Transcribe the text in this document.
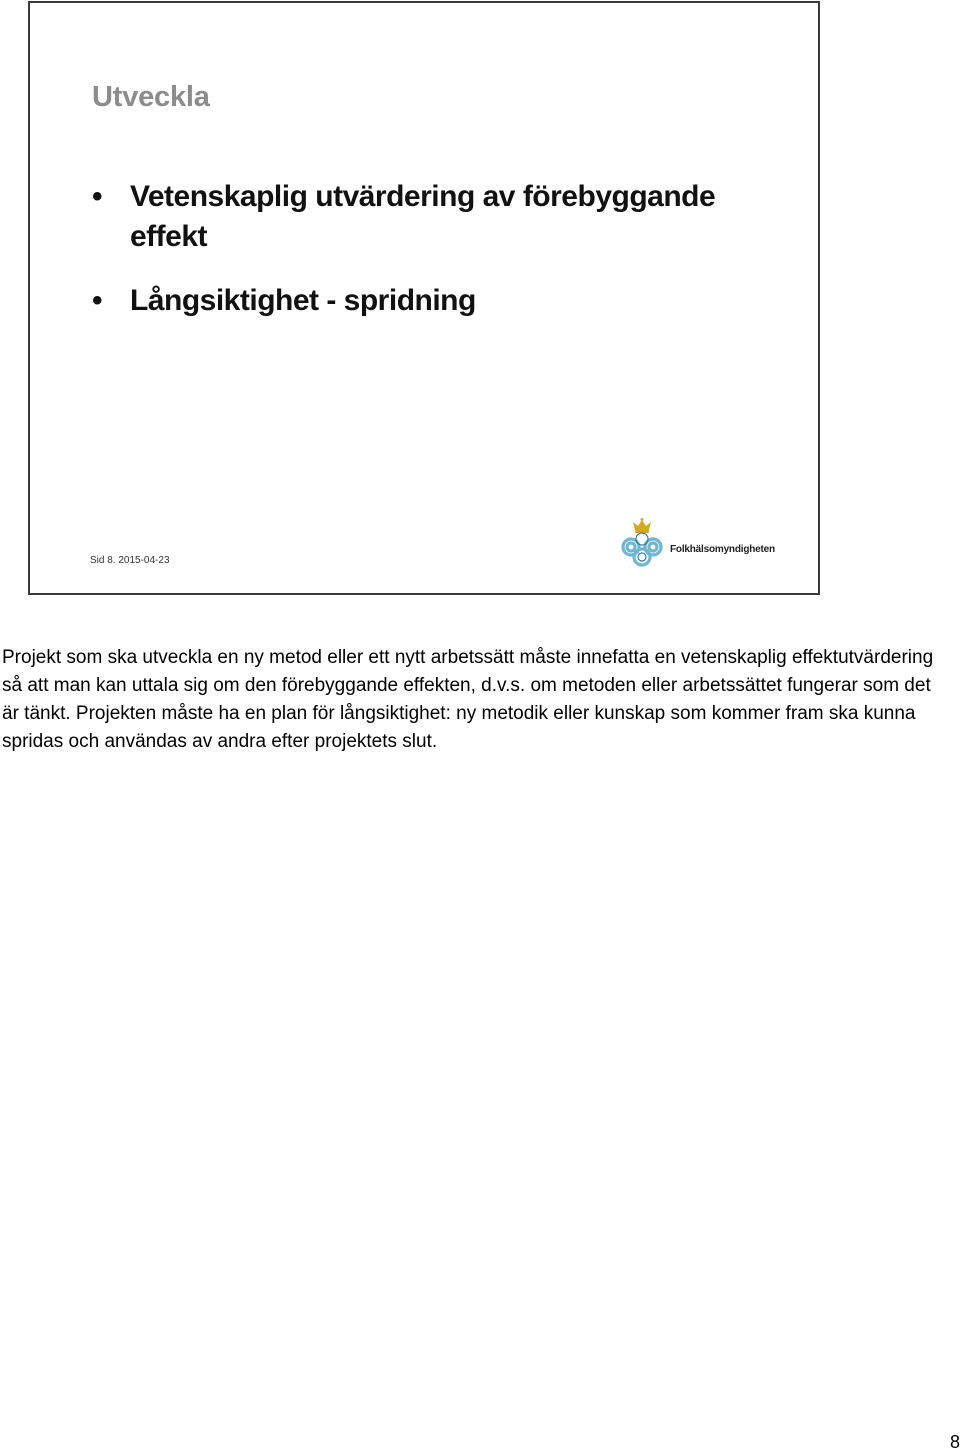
Utveckla
• Vetenskaplig utvärdering av förebyggande effekt
• Långsiktighet - spridning
Sid 8. 2015-04-23
Folkhälsomyndigheten
Projekt som ska utveckla en ny metod eller ett nytt arbetssätt måste innefatta en vetenskaplig effektutvärdering så att man kan uttala sig om den förebyggande effekten, d.v.s. om metoden eller arbetssättet fungerar som det är tänkt. Projekten måste ha en plan för långsiktighet: ny metodik eller kunskap som kommer fram ska kunna spridas och användas av andra efter projektets slut.
8
